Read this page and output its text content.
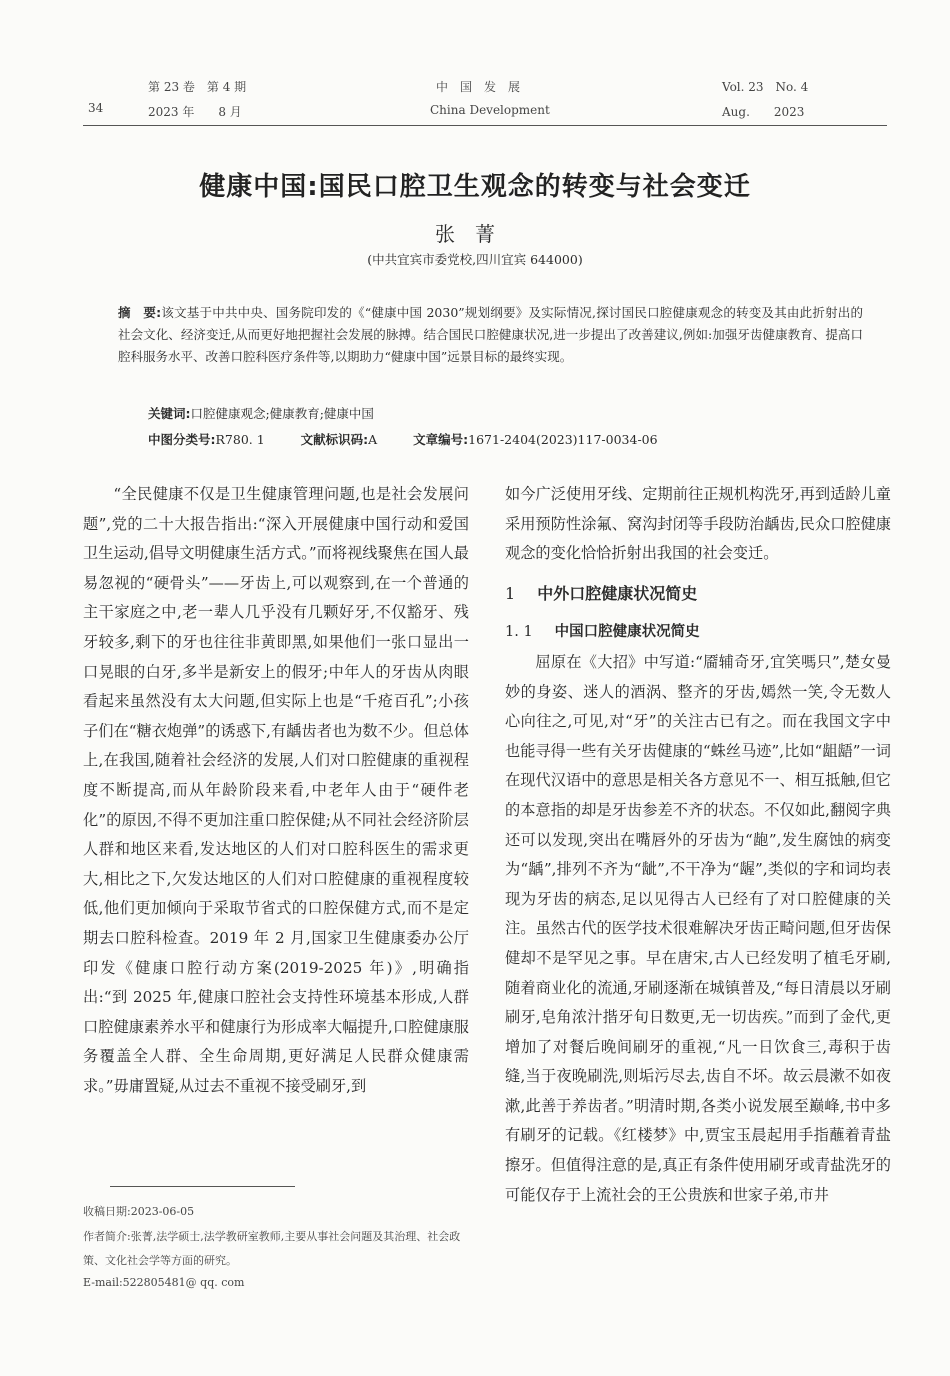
34
第 23 卷　第 4 期
2023 年　　8 月
中　国　发　展
China Development
Vol. 23　No. 4
Aug.　　2023
健康中国:国民口腔卫生观念的转变与社会变迁
张菁
(中共宜宾市委党校,四川宜宾 644000)

摘　要:该文基于中共中央、国务院印发的《“健康中国 2030”规划纲要》及实际情况,探讨国民口腔健康观念的转变及其由此折射出的社会文化、经济变迁,从而更好地把握社会发展的脉搏。结合国民口腔健康状况,进一步提出了改善建议,例如:加强牙齿健康教育、提高口腔科服务水平、改善口腔科医疗条件等,以期助力“健康中国”远景目标的最终实现。

关键词:口腔健康观念;健康教育;健康中国
中图分类号:R780. 1	文献标识码:A	文章编号:1671-2404(2023)117-0034-06

“全民健康不仅是卫生健康管理问题,也是社会发展问题”,党的二十大报告指出:“深入开展健康中国行动和爱国卫生运动,倡导文明健康生活方式。”而将视线聚焦在国人最易忽视的“硬骨头”——牙齿上,可以观察到,在一个普通的主干家庭之中,老一辈人几乎没有几颗好牙,不仅豁牙、残牙较多,剩下的牙也往往非黄即黑,如果他们一张口显出一口晃眼的白牙,多半是新安上的假牙;中年人的牙齿从肉眼看起来虽然没有太大问题,但实际上也是“千疮百孔”;小孩子们在“糖衣炮弹”的诱惑下,有龋齿者也为数不少。但总体上,在我国,随着社会经济的发展,人们对口腔健康的重视程度不断提高,而从年龄阶段来看,中老年人由于“硬件老化”的原因,不得不更加注重口腔保健;从不同社会经济阶层人群和地区来看,发达地区的人们对口腔科医生的需求更大,相比之下,欠发达地区的人们对口腔健康的重视程度较低,他们更加倾向于采取节省式的口腔保健方式,而不是定期去口腔科检查。2019 年 2 月,国家卫生健康委办公厅印发《健康口腔行动方案(2019-2025 年)》,明确指出:“到 2025 年,健康口腔社会支持性环境基本形成,人群口腔健康素养水平和健康行为形成率大幅提升,口腔健康服务覆盖全人群、全生命周期,更好满足人民群众健康需求。”毋庸置疑,从过去不重视不接受刷牙,到

如今广泛使用牙线、定期前往正规机构洗牙,再到适龄儿童采用预防性涂氟、窝沟封闭等手段防治龋齿,民众口腔健康观念的变化恰恰折射出我国的社会变迁。

1 中外口腔健康状况简史
1. 1 中国口腔健康状况简史

屈原在《大招》中写道:“靥辅奇牙,宜笑嗎只”,楚女曼妙的身姿、迷人的酒涡、整齐的牙齿,嫣然一笑,令无数人心向往之,可见,对“牙”的关注古已有之。而在我国文字中也能寻得一些有关牙齿健康的“蛛丝马迹”,比如“龃龉”一词在现代汉语中的意思是相关各方意见不一、相互抵触,但它的本意指的却是牙齿参差不齐的状态。不仅如此,翻阅字典还可以发现,突出在嘴唇外的牙齿为“龅”,发生腐蚀的病变为“龋”,排列不齐为“龇”,不干净为“龌”,类似的字和词均表现为牙齿的病态,足以见得古人已经有了对口腔健康的关注。虽然古代的医学技术很难解决牙齿正畸问题,但牙齿保健却不是罕见之事。早在唐宋,古人已经发明了植毛牙刷,随着商业化的流通,牙刷逐渐在城镇普及,“每日清晨以牙刷刷牙,皂角浓汁揩牙旬日数更,无一切齿疾。”而到了金代,更增加了对餐后晚间刷牙的重视,“凡一日饮食三,毒积于齿缝,当于夜晚刷洗,则垢污尽去,齿自不坏。故云晨漱不如夜漱,此善于养齿者。”明清时期,各类小说发展至巅峰,书中多有刷牙的记载。《红楼梦》中,贾宝玉晨起用手指蘸着青盐擦牙。但值得注意的是,真正有条件使用刷牙或青盐洗牙的可能仅存于上流社会的王公贵族和世家子弟,市井

收稿日期:2023-06-05
作者简介:张菁,法学硕士,法学教研室教师,主要从事社会问题及其治理、社会政策、文化社会学等方面的研究。
E-mail:522805481@ qq. com
